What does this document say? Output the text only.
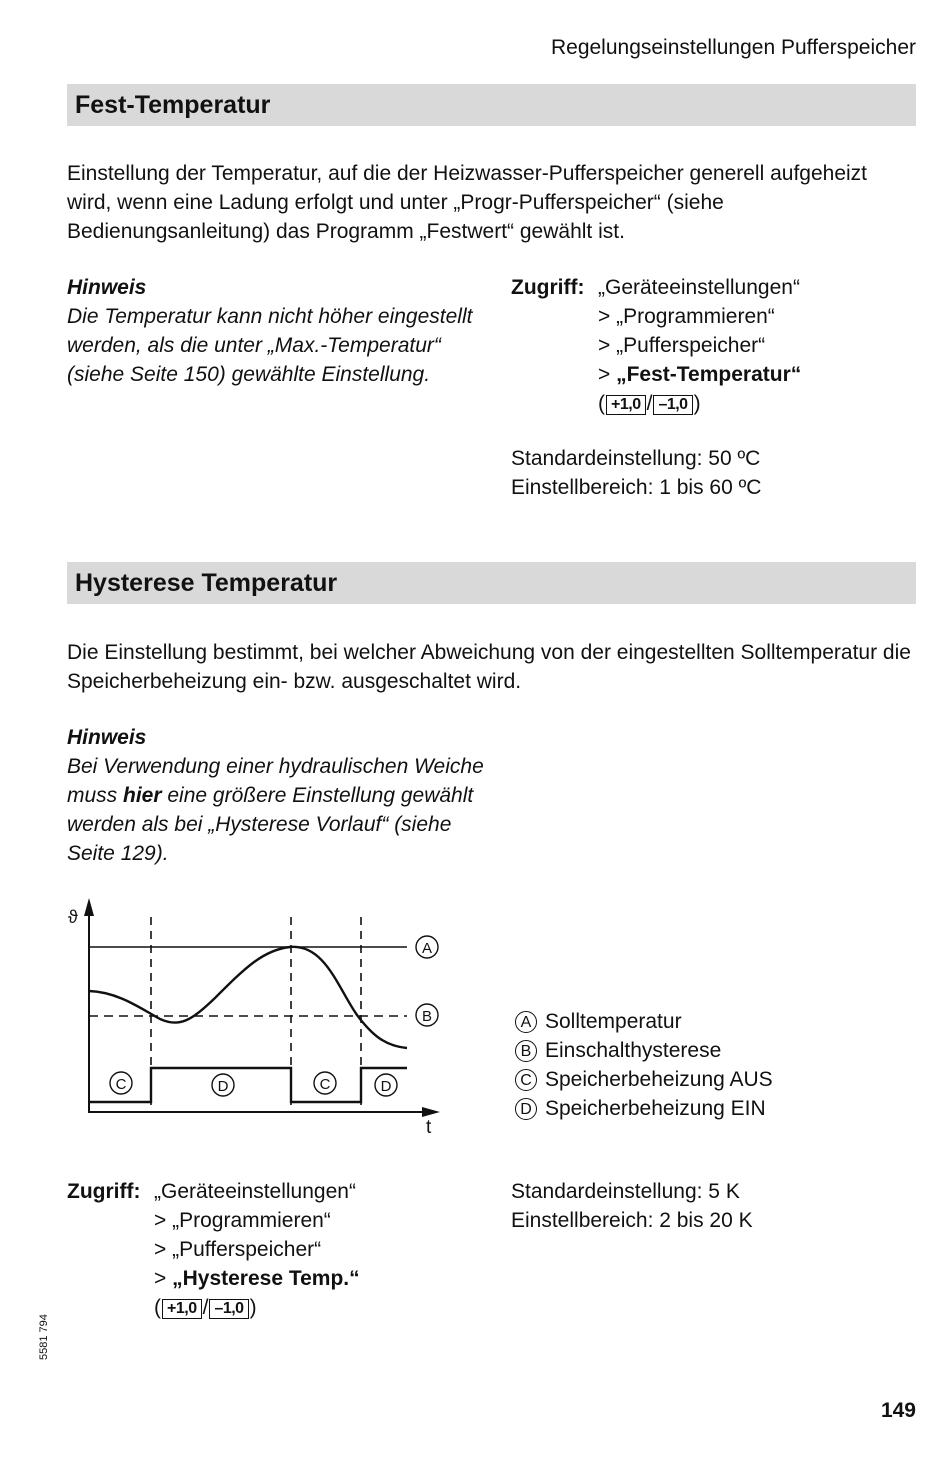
Regelungseinstellungen Pufferspeicher
Fest-Temperatur
Einstellung der Temperatur, auf die der Heizwasser-Pufferspeicher generell aufgeheizt wird, wenn eine Ladung erfolgt und unter „Progr-Pufferspeicher“ (siehe Bedienungsanleitung) das Programm „Festwert“ gewählt ist.
Hinweis
Die Temperatur kann nicht höher eingestellt werden, als die unter „Max.-Temperatur“ (siehe Seite 150) gewählte Einstellung.
Zugriff: „Geräteeinstellungen“
> „Programmieren“
> „Pufferspeicher“
> „Fest-Temperatur“
( +1,0 / –1,0 )
Standardeinstellung: 50 ºC
Einstellbereich: 1 bis 60 ºC
Hysterese Temperatur
Die Einstellung bestimmt, bei welcher Abweichung von der eingestellten Solltemperatur die Speicherbeheizung ein- bzw. ausgeschaltet wird.
Hinweis
Bei Verwendung einer hydraulischen Weiche muss hier eine größere Einstellung gewählt werden als bei „Hysterese Vorlauf“ (siehe Seite 129).
ϑ
t
A
B
C	D	C	D
A Solltemperatur
B Einschalthysterese
C Speicherbeheizung AUS
D Speicherbeheizung EIN
Zugriff: „Geräteeinstellungen“
> „Programmieren“
> „Pufferspeicher“
> „Hysterese Temp.“
( +1,0 / –1,0 )
Standardeinstellung: 5 K
Einstellbereich: 2 bis 20 K
5581 794
149
